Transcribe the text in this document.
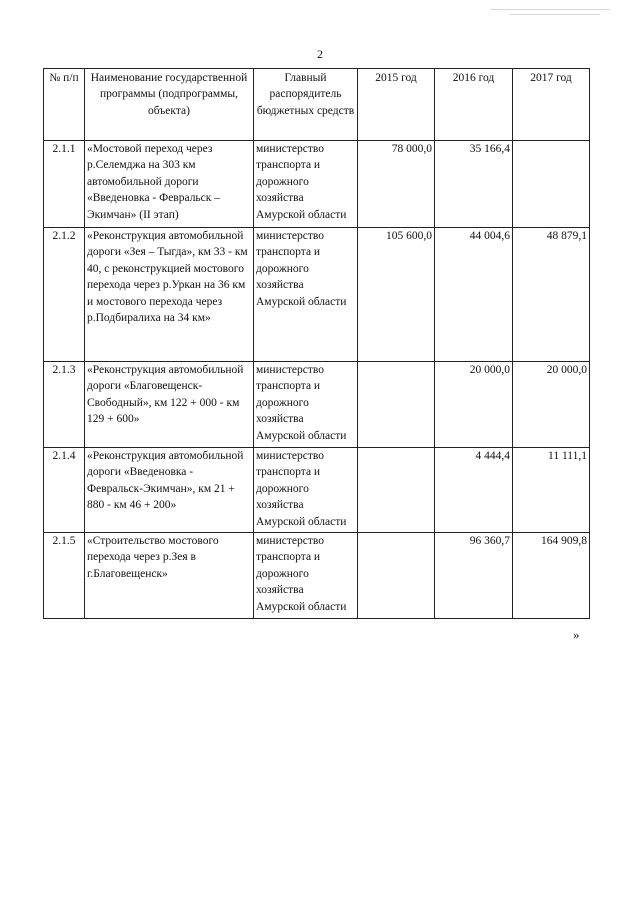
2
№ п/п	Наименование государственной программы (подпрограммы, объекта)	Главный распорядитель бюджетных средств	2015 год	2016 год	2017 год
2.1.1	«Мостовой переход через р.Селемджа на 303 км автомобильной дороги «Введеновка - Февральск – Экимчан» (II этап)	министерство транспорта и дорожного хозяйства Амурской области	78 000,0	35 166,4	
2.1.2	«Реконструкция автомобильной дороги «Зея – Тыгда», км 33 - км 40, с реконструкцией мостового перехода через р.Уркан на 36 км и мостового перехода через р.Подбиралиха на 34 км»	министерство транспорта и дорожного хозяйства Амурской области	105 600,0	44 004,6	48 879,1
2.1.3	«Реконструкция автомобильной дороги «Благовещенск-Свободный», км 122 + 000 - км 129 + 600»	министерство транспорта и дорожного хозяйства Амурской области		20 000,0	20 000,0
2.1.4	«Реконструкция автомобильной дороги «Введеновка - Февральск-Экимчан», км 21 + 880 - км 46 + 200»	министерство транспорта и дорожного хозяйства Амурской области		4 444,4	11 111,1
2.1.5	«Строительство мостового перехода через р.Зея в г.Благовещенск»	министерство транспорта и дорожного хозяйства Амурской области		96 360,7	164 909,8
»
